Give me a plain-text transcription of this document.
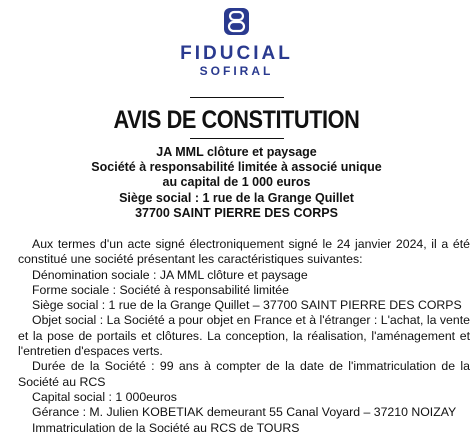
FIDUCIAL
SOFIRAL
AVIS DE CONSTITUTION
JA MML clôture et paysage
Société à responsabilité limitée à associé unique
au capital de 1 000 euros
Siège social : 1 rue de la Grange Quillet
37700 SAINT PIERRE DES CORPS
Aux termes d'un acte signé électroniquement signé le 24 janvier 2024, il a été constitué une société présentant les caractéristiques suivantes:
Dénomination sociale : JA MML clôture et paysage
Forme sociale : Société à responsabilité limitée
Siège social : 1 rue de la Grange Quillet – 37700 SAINT PIERRE DES CORPS
Objet social : La Société a pour objet en France et à l'étranger : L'achat, la vente et la pose de portails et clôtures. La conception, la réalisation, l'aménagement et l'entretien d'espaces verts.
Durée de la Société : 99 ans à compter de la date de l'immatriculation de la Société au RCS
Capital social : 1 000euros
Gérance : M. Julien KOBETIAK demeurant 55 Canal Voyard – 37210 NOIZAY
Immatriculation de la Société au RCS de TOURS
